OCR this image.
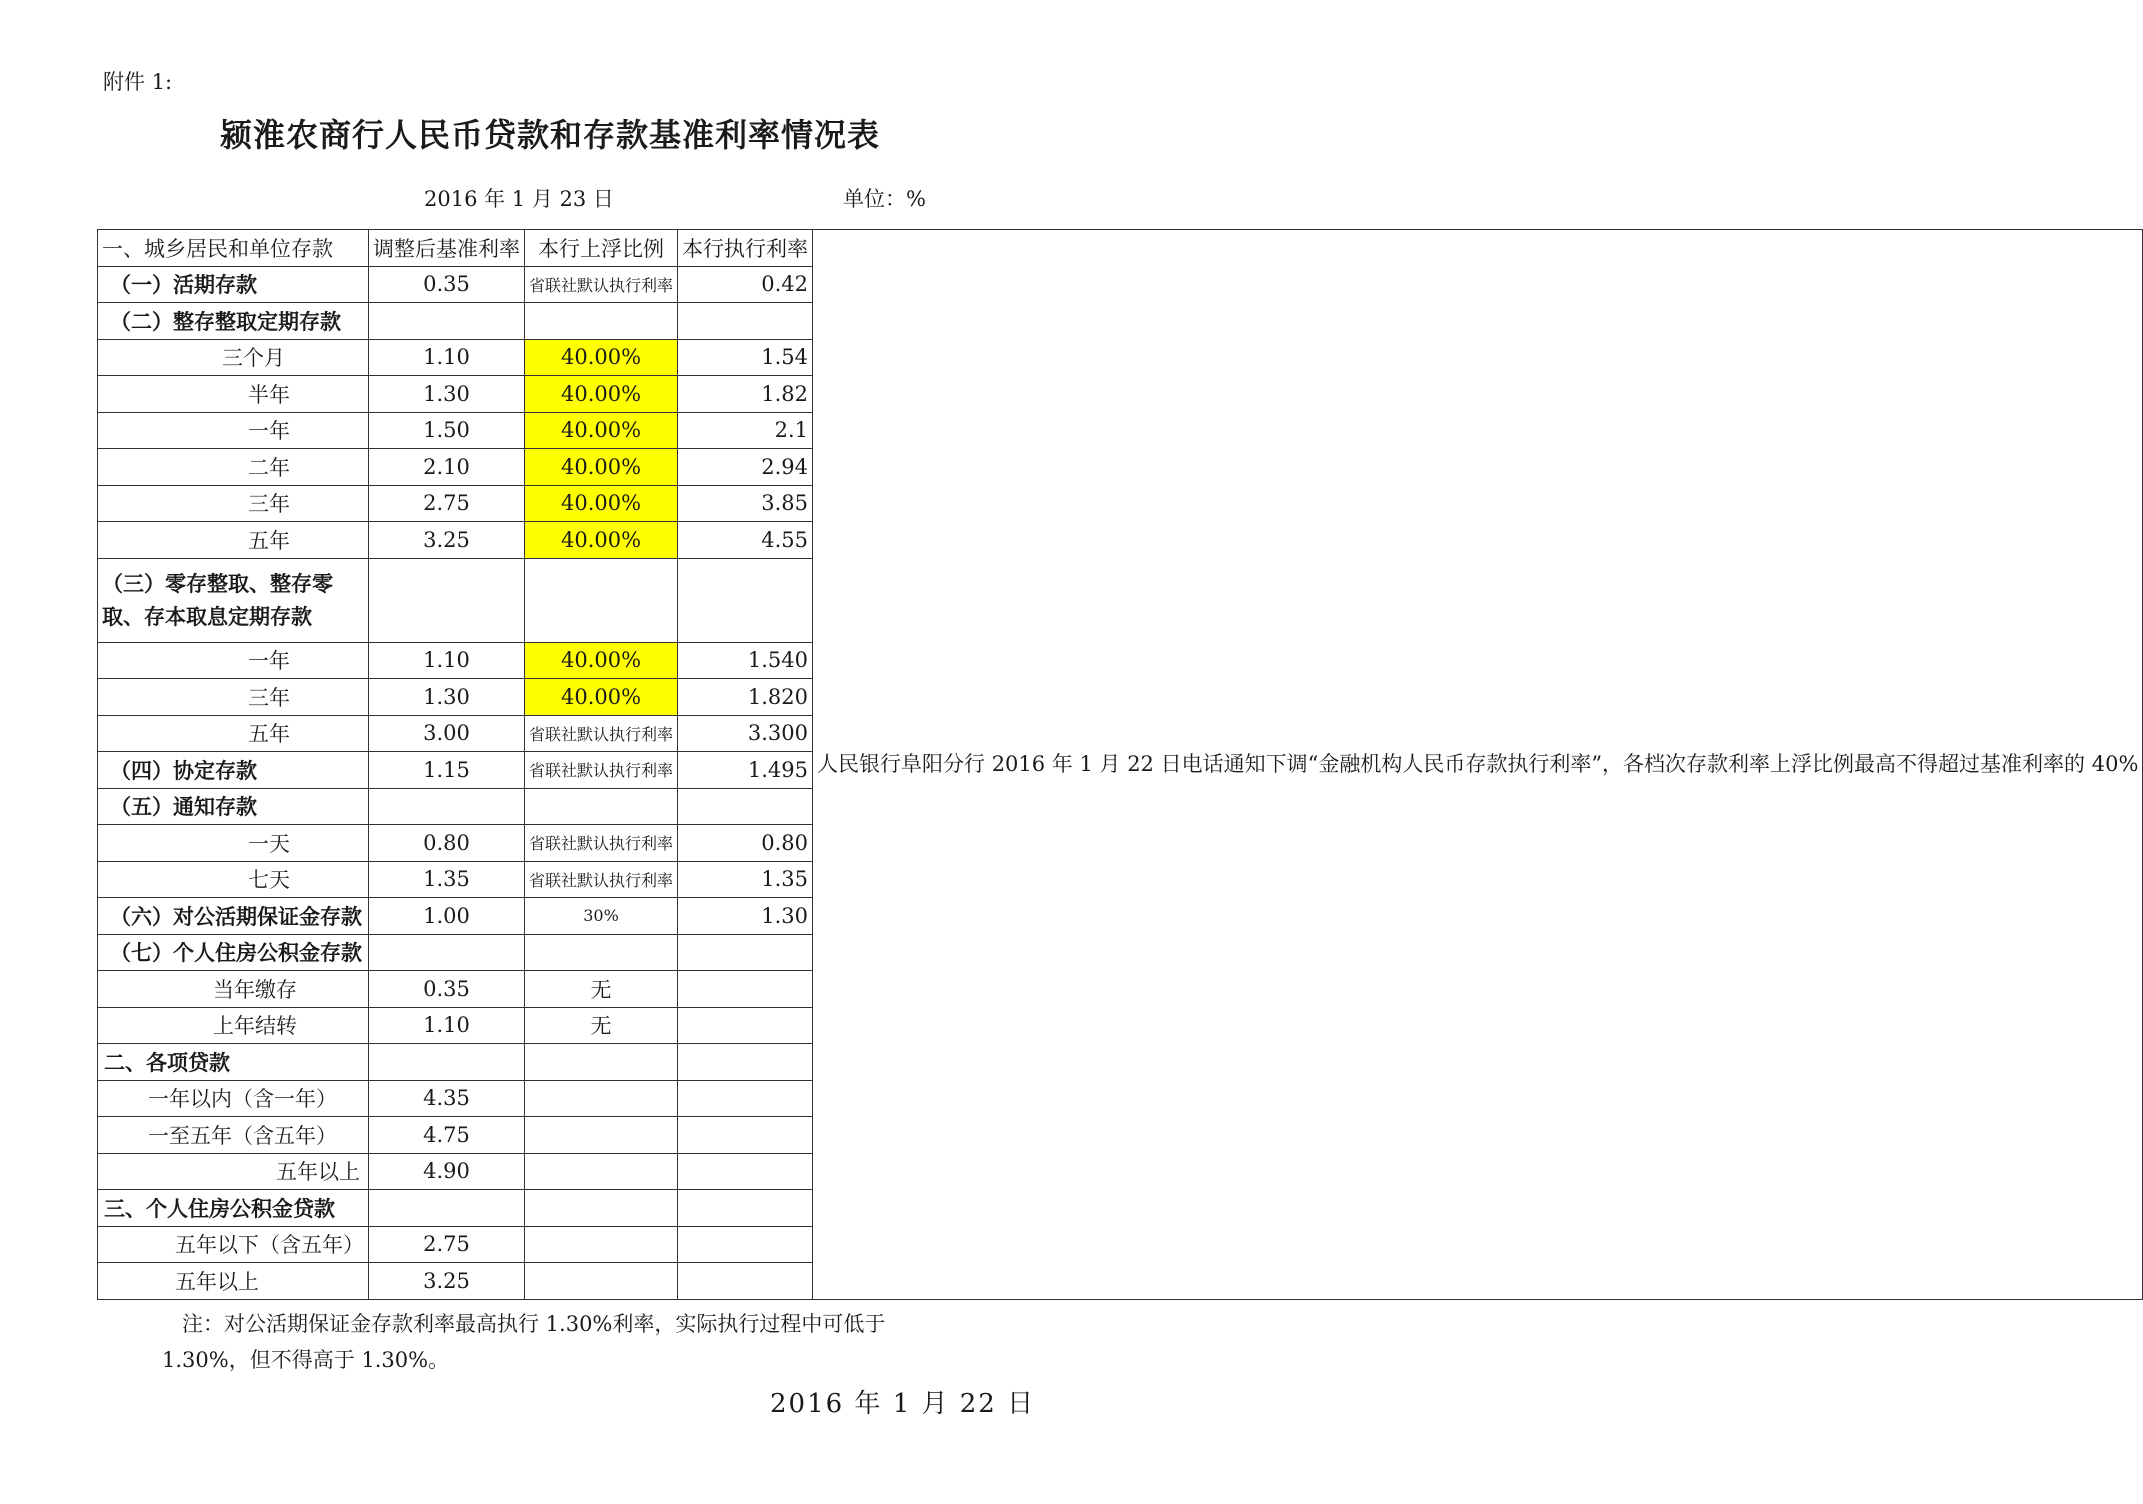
附件 1:
颍淮农商行人民币贷款和存款基准利率情况表
2016 年 1 月 23 日	单位：%
一、城乡居民和单位存款	调整后基准利率	本行上浮比例	本行执行利率	人民银行阜阳分行 2016 年 1 月 22 日电话通知下调“金融机构人民币存款执行利率”，各档次存款利率上浮比例最高不得超过基准利率的 40%
（一）活期存款	0.35	省联社默认执行利率	0.42	
（二）整存整取定期存款				
三个月	1.10	40.00%	1.54	
半年	1.30	40.00%	1.82	
一年	1.50	40.00%	2.1	
二年	2.10	40.00%	2.94	
三年	2.75	40.00%	3.85	
五年	3.25	40.00%	4.55	
（三）零存整取、整存零取、存本取息定期存款				
一年	1.10	40.00%	1.540	
三年	1.30	40.00%	1.820	
五年	3.00	省联社默认执行利率	3.300	
（四）协定存款	1.15	省联社默认执行利率	1.495	
（五）通知存款				
一天	0.80	省联社默认执行利率	0.80	
七天	1.35	省联社默认执行利率	1.35	
（六）对公活期保证金存款	1.00	30%	1.30	
（七）个人住房公积金存款				
当年缴存	0.35	无		
上年结转	1.10	无		
二、各项贷款				
一年以内（含一年）	4.35			
一至五年（含五年）	4.75			
五年以上	4.90			
三、个人住房公积金贷款				
五年以下（含五年）	2.75			
五年以上	3.25			
注：对公活期保证金存款利率最高执行 1.30%利率，实际执行过程中可低于
1.30%，但不得高于 1.30%。
2016 年 1 月 22 日
